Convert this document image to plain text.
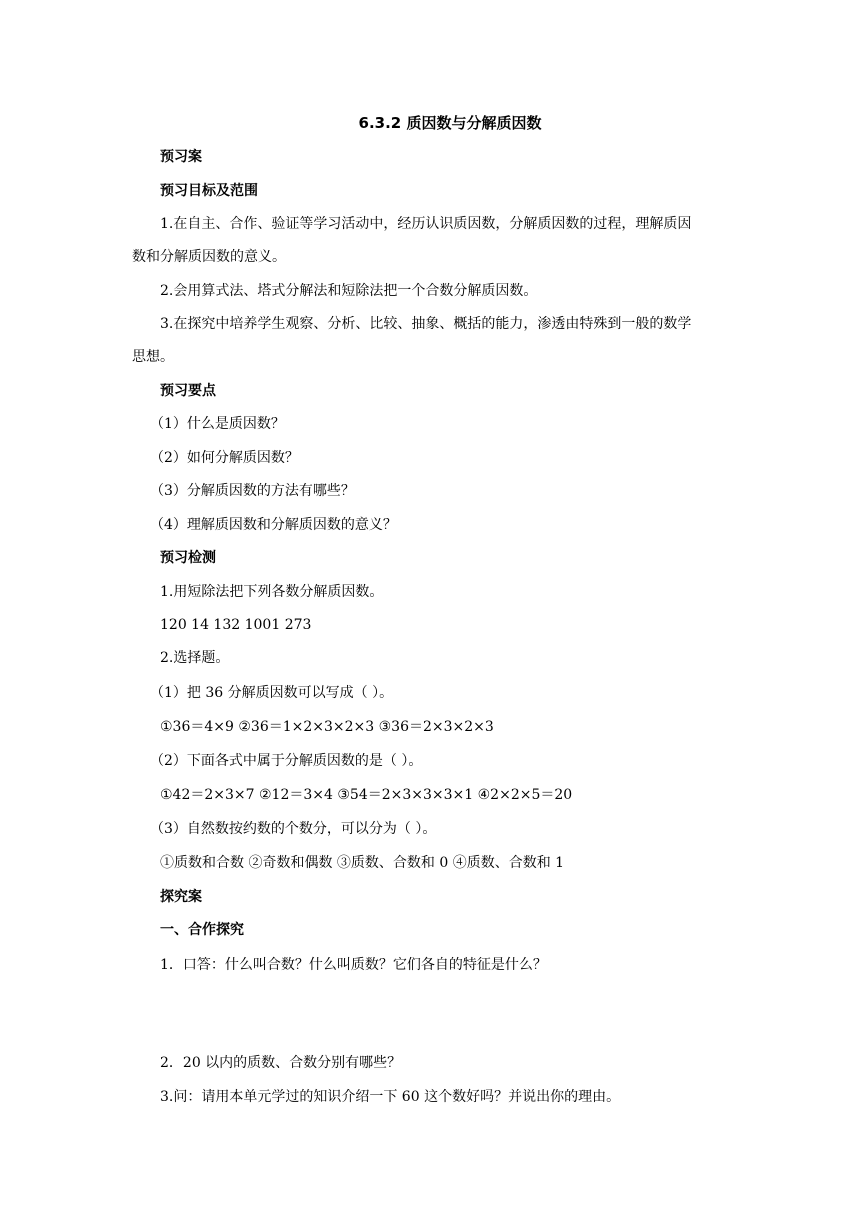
6.3.2 质因数与分解质因数
预习案
预习目标及范围
1.在自主、合作、验证等学习活动中，经历认识质因数，分解质因数的过程，理解质因
数和分解质因数的意义。
2.会用算式法、塔式分解法和短除法把一个合数分解质因数。
3.在探究中培养学生观察、分析、比较、抽象、概括的能力，渗透由特殊到一般的数学
思想。
预习要点
（1）什么是质因数？
（2）如何分解质因数？
（3）分解质因数的方法有哪些？
（4）理解质因数和分解质因数的意义？
预习检测
1.用短除法把下列各数分解质因数。
120 14 132 1001 273
2.选择题。
（1）把 36 分解质因数可以写成（ ）。
①36＝4×9 ②36＝1×2×3×2×3 ③36＝2×3×2×3
（2）下面各式中属于分解质因数的是（ ）。
①42＝2×3×7 ②12＝3×4 ③54＝2×3×3×3×1 ④2×2×5＝20
（3）自然数按约数的个数分，可以分为（ ）。
①质数和合数 ②奇数和偶数 ③质数、合数和 0 ④质数、合数和 1
探究案
一、合作探究
1．口答：什么叫合数？什么叫质数？它们各自的特征是什么？
2．20 以内的质数、合数分别有哪些？
3.问：请用本单元学过的知识介绍一下 60 这个数好吗？并说出你的理由。
